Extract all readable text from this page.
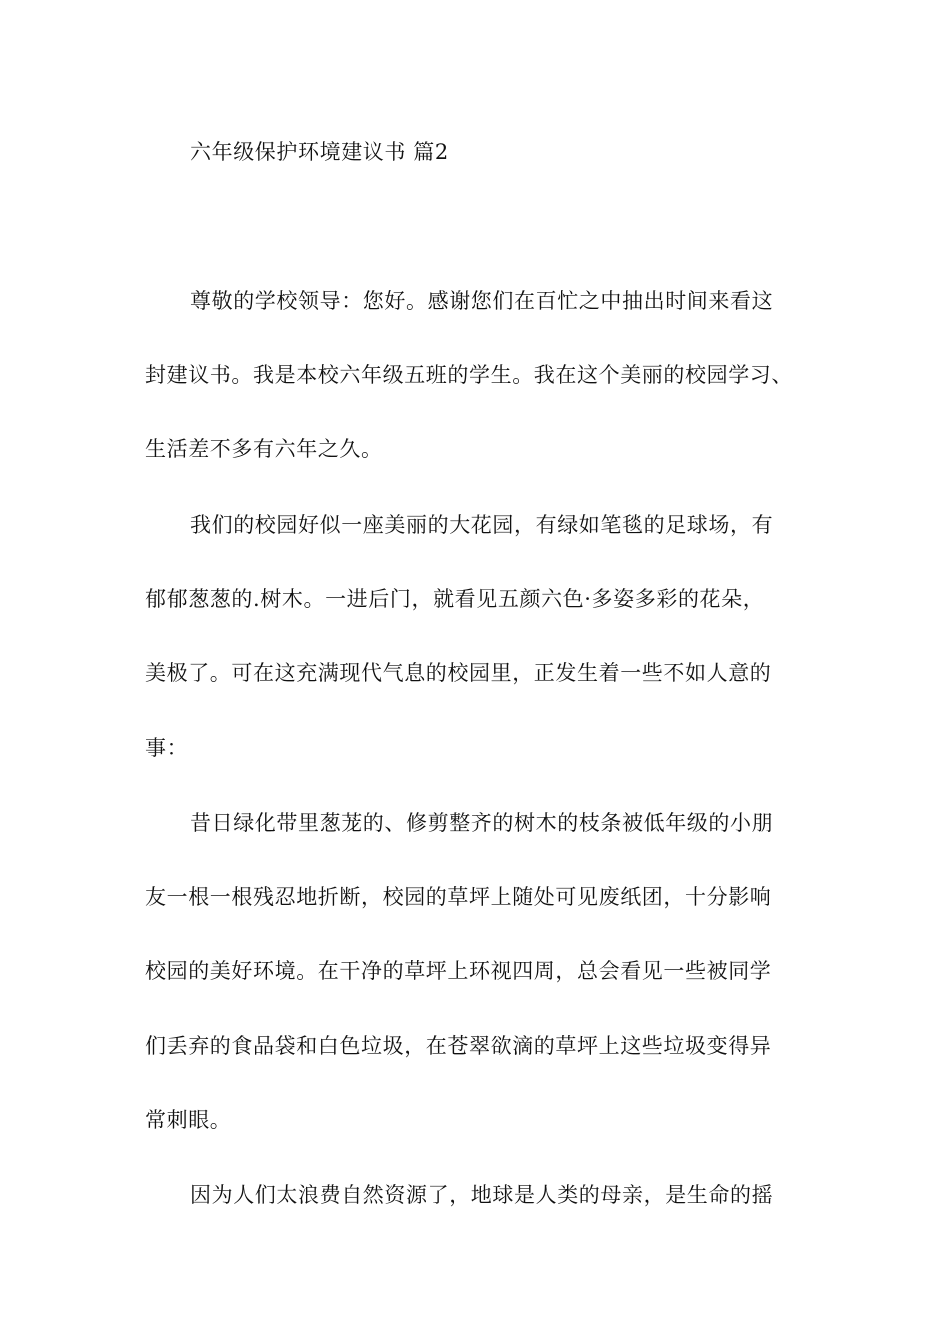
六年级保护环境建议书 篇2
尊敬的学校领导：您好。感谢您们在百忙之中抽出时间来看这
封建议书。我是本校六年级五班的学生。我在这个美丽的校园学习、
生活差不多有六年之久。
我们的校园好似一座美丽的大花园，有绿如笔毯的足球场，有
郁郁葱葱的.树木。一进后门，就看见五颜六色·多姿多彩的花朵，
美极了。可在这充满现代气息的校园里，正发生着一些不如人意的
事：
昔日绿化带里葱茏的、修剪整齐的树木的枝条被低年级的小朋
友一根一根残忍地折断，校园的草坪上随处可见废纸团，十分影响
校园的美好环境。在干净的草坪上环视四周，总会看见一些被同学
们丢弃的食品袋和白色垃圾，在苍翠欲滴的草坪上这些垃圾变得异
常刺眼。
因为人们太浪费自然资源了，地球是人类的母亲，是生命的摇
